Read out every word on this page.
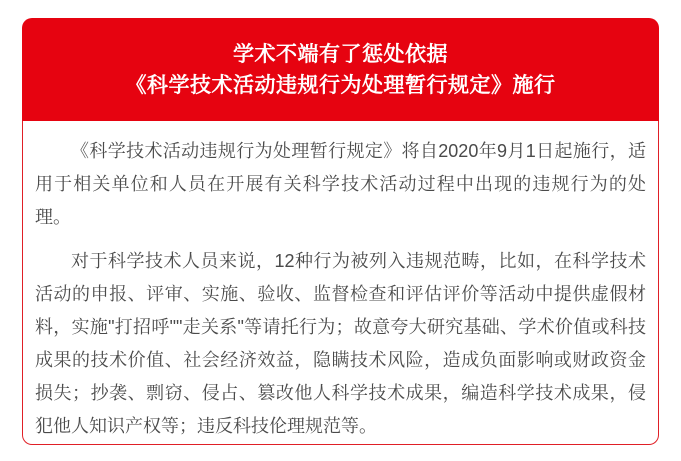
学术不端有了惩处依据
《科学技术活动违规行为处理暂行规定》施行

《科学技术活动违规行为处理暂行规定》将自2020年9月1日起施行，适用于相关单位和人员在开展有关科学技术活动过程中出现的违规行为的处理。

对于科学技术人员来说，12种行为被列入违规范畴，比如，在科学技术活动的申报、评审、实施、验收、监督检查和评估评价等活动中提供虚假材料，实施"打招呼""走关系"等请托行为；故意夸大研究基础、学术价值或科技成果的技术价值、社会经济效益，隐瞒技术风险，造成负面影响或财政资金损失；抄袭、剽窃、侵占、篡改他人科学技术成果，编造科学技术成果，侵犯他人知识产权等；违反科技伦理规范等。
